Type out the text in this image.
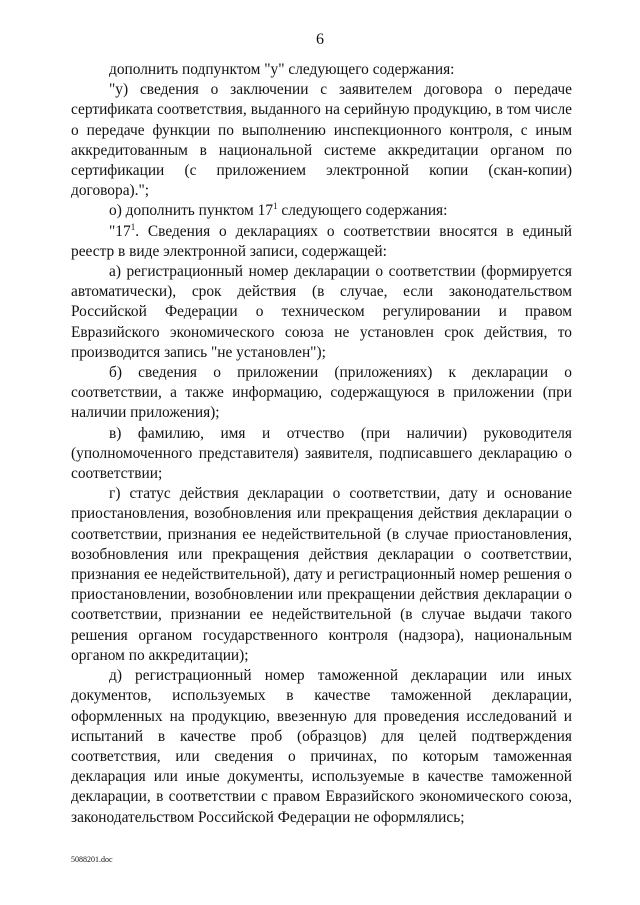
6

дополнить подпунктом "у" следующего содержания:

"у) сведения о заключении с заявителем договора о передаче сертификата соответствия, выданного на серийную продукцию, в том числе о передаче функции по выполнению инспекционного контроля, с иным аккредитованным в национальной системе аккредитации органом по сертификации (с приложением электронной копии (скан-копии) договора).";

о) дополнить пунктом $17^1$ следующего содержания:

"$17^1$. Сведения о декларациях о соответствии вносятся в единый реестр в виде электронной записи, содержащей:

а) регистрационный номер декларации о соответствии (формируется автоматически), срок действия (в случае, если законодательством Российской Федерации о техническом регулировании и правом Евразийского экономического союза не установлен срок действия, то производится запись "не установлен");

б) сведения о приложении (приложениях) к декларации о соответствии, а также информацию, содержащуюся в приложении (при наличии приложения);

в) фамилию, имя и отчество (при наличии) руководителя (уполномоченного представителя) заявителя, подписавшего декларацию о соответствии;

г) статус действия декларации о соответствии, дату и основание приостановления, возобновления или прекращения действия декларации о соответствии, признания ее недействительной (в случае приостановления, возобновления или прекращения действия декларации о соответствии, признания ее недействительной), дату и регистрационный номер решения о приостановлении, возобновлении или прекращении действия декларации о соответствии, признании ее недействительной (в случае выдачи такого решения органом государственного контроля (надзора), национальным органом по аккредитации);

д) регистрационный номер таможенной декларации или иных документов, используемых в качестве таможенной декларации, оформленных на продукцию, ввезенную для проведения исследований и испытаний в качестве проб (образцов) для целей подтверждения соответствия, или сведения о причинах, по которым таможенная декларация или иные документы, используемые в качестве таможенной декларации, в соответствии с правом Евразийского экономического союза, законодательством Российской Федерации не оформлялись;

5088201.doc
